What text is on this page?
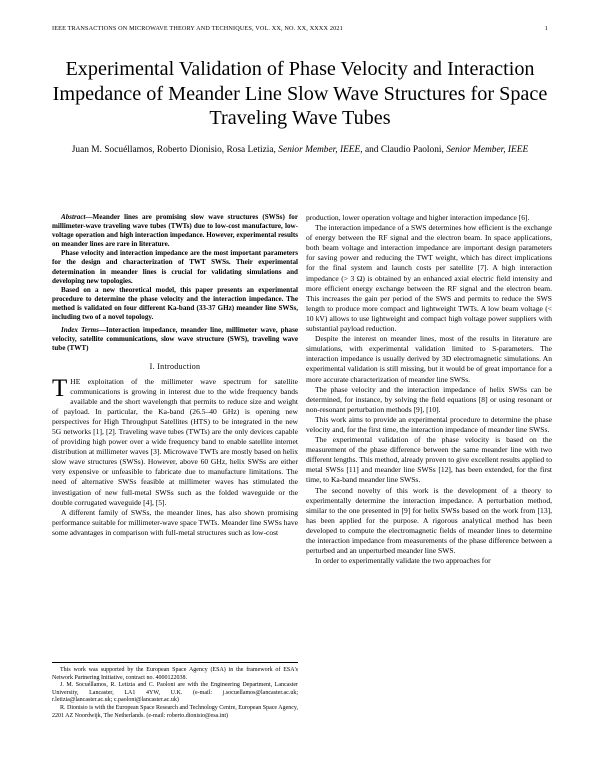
IEEE TRANSACTIONS ON MICROWAVE THEORY AND TECHNIQUES, VOL. XX, NO. XX, XXXX 2021	1
Experimental Validation of Phase Velocity and Interaction Impedance of Meander Line Slow Wave Structures for Space Traveling Wave Tubes
Juan M. Socuéllamos, Roberto Dionisio, Rosa Letizia, Senior Member, IEEE, and Claudio Paoloni, Senior Member, IEEE

Abstract—Meander lines are promising slow wave structures (SWSs) for millimeter-wave traveling wave tubes (TWTs) due to low-cost manufacture, low-voltage operation and high interaction impedance. However, experimental results on meander lines are rare in literature.

Phase velocity and interaction impedance are the most important parameters for the design and characterization of TWT SWSs. Their experimental determination in meander lines is crucial for validating simulations and developing new topologies.

Based on a new theoretical model, this paper presents an experimental procedure to determine the phase velocity and the interaction impedance. The method is validated on four different Ka-band (33-37 GHz) meander line SWSs, including two of a novel topology.

Index Terms—Interaction impedance, meander line, millimeter wave, phase velocity, satellite communications, slow wave structure (SWS), traveling wave tube (TWT)
I. Introduction

THE exploitation of the millimeter wave spectrum for satellite communications is growing in interest due to the wide frequency bands available and the short wavelength that permits to reduce size and weight of payload. In particular, the Ka-band (26.5–40 GHz) is opening new perspectives for High Throughput Satellites (HTS) to be integrated in the new 5G networks [1], [2]. Traveling wave tubes (TWTs) are the only devices capable of providing high power over a wide frequency band to enable satellite internet distribution at millimeter waves [3]. Microwave TWTs are mostly based on helix slow wave structures (SWSs). However, above 60 GHz, helix SWSs are either very expensive or unfeasible to fabricate due to manufacture limitations. The need of alternative SWSs feasible at millimeter waves has stimulated the investigation of new full-metal SWSs such as the folded waveguide or the double corrugated waveguide [4], [5].

A different family of SWSs, the meander lines, has also shown promising performance suitable for millimeter-wave space TWTs. Meander line SWSs have some advantages in comparison with full-metal structures such as low-cost

This work was supported by the European Space Agency (ESA) in the framework of ESA's Network Partnering Initiative, contract no. 4000122038.

J. M. Socuéllamos, R. Letizia and C. Paoloni are with the Engineering Department, Lancaster University, Lancaster, LA1 4YW, U.K. (e-mail: j.socuellamos@lancaster.ac.uk; r.letizia@lancaster.ac.uk; c.paoloni@lancaster.ac.uk)

R. Dionisio is with the European Space Research and Technology Centre, European Space Agency, 2201 AZ Noordwijk, The Netherlands. (e-mail: roberto.dionisio@esa.int)

production, lower operation voltage and higher interaction impedance [6].

The interaction impedance of a SWS determines how efficient is the exchange of energy between the RF signal and the electron beam. In space applications, both beam voltage and interaction impedance are important design parameters for saving power and reducing the TWT weight, which has direct implications for the final system and launch costs per satellite [7]. A high interaction impedance (> 3 Ω) is obtained by an enhanced axial electric field intensity and more efficient energy exchange between the RF signal and the electron beam. This increases the gain per period of the SWS and permits to reduce the SWS length to produce more compact and lightweight TWTs. A low beam voltage (< 10 kV) allows to use lightweight and compact high voltage power suppliers with substantial payload reduction.

Despite the interest on meander lines, most of the results in literature are simulations, with experimental validation limited to S-parameters. The interaction impedance is usually derived by 3D electromagnetic simulations. An experimental validation is still missing, but it would be of great importance for a more accurate characterization of meander line SWSs.

The phase velocity and the interaction impedance of helix SWSs can be determined, for instance, by solving the field equations [8] or using resonant or non-resonant perturbation methods [9], [10].

This work aims to provide an experimental procedure to determine the phase velocity and, for the first time, the interaction impedance of meander line SWSs.

The experimental validation of the phase velocity is based on the measurement of the phase difference between the same meander line with two different lengths. This method, already proven to give excellent results applied to metal SWSs [11] and meander line SWSs [12], has been extended, for the first time, to Ka-band meander line SWSs.

The second novelty of this work is the development of a theory to experimentally determine the interaction impedance. A perturbation method, similar to the one presented in [9] for helix SWSs based on the work from [13], has been applied for the purpose. A rigorous analytical method has been developed to compute the electromagnetic fields of meander lines to determine the interaction impedance from measurements of the phase difference between a perturbed and an unperturbed meander line SWS.

In order to experimentally validate the two approaches for
